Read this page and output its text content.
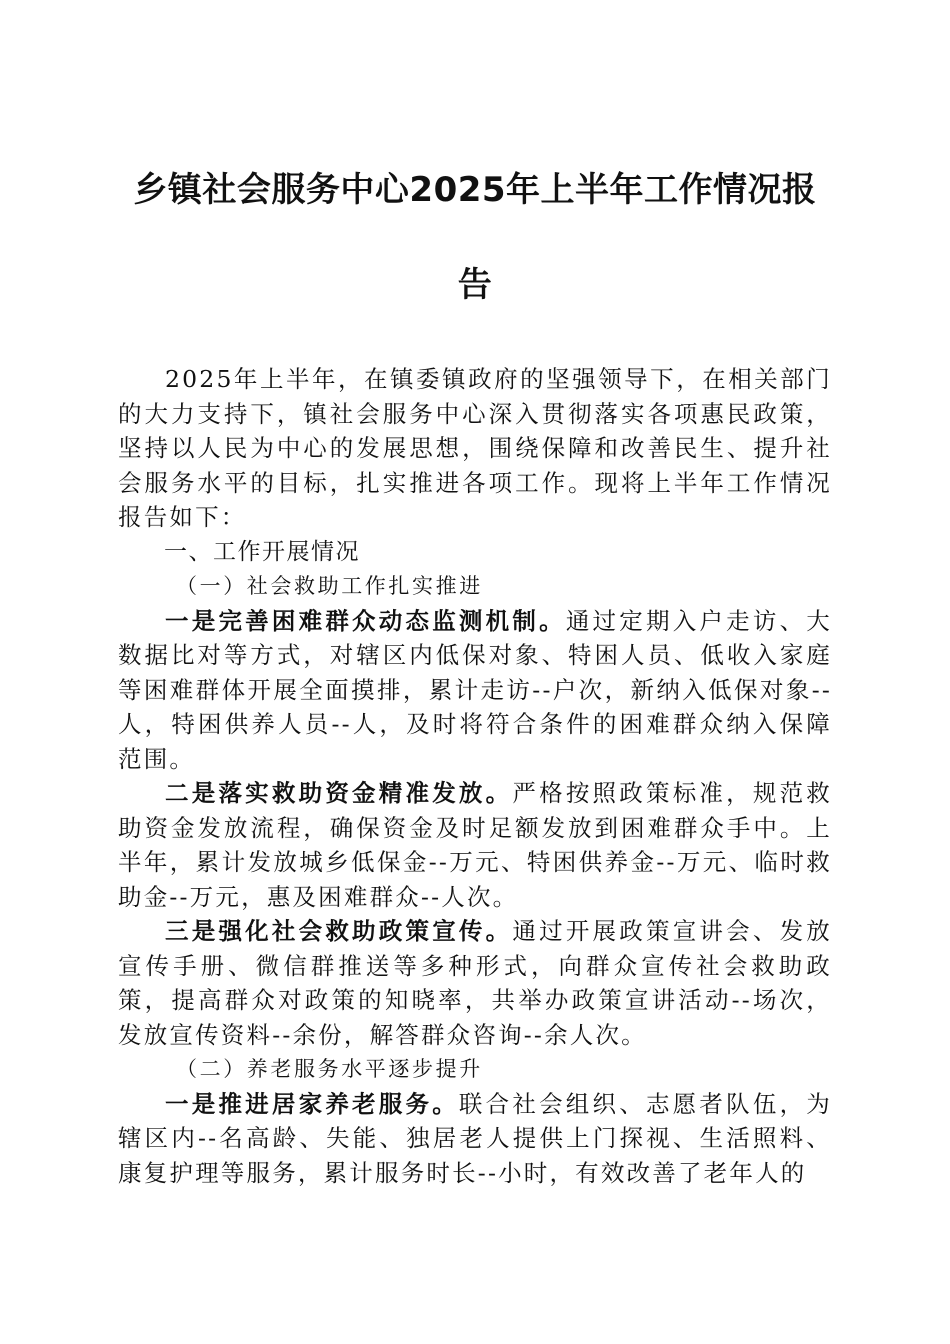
乡镇社会服务中心2025年上半年工作情况报
告

2025年上半年，在镇委镇政府的坚强领导下，在相关部门的大力支持下，镇社会服务中心深入贯彻落实各项惠民政策，坚持以人民为中心的发展思想，围绕保障和改善民生、提升社会服务水平的目标，扎实推进各项工作。现将上半年工作情况报告如下：

一、工作开展情况

（一）社会救助工作扎实推进

一是完善困难群众动态监测机制。通过定期入户走访、大数据比对等方式，对辖区内低保对象、特困人员、低收入家庭等困难群体开展全面摸排，累计走访--户次，新纳入低保对象--人，特困供养人员--人，及时将符合条件的困难群众纳入保障范围。

二是落实救助资金精准发放。严格按照政策标准，规范救助资金发放流程，确保资金及时足额发放到困难群众手中。上半年，累计发放城乡低保金--万元、特困供养金--万元、临时救助金--万元，惠及困难群众--人次。

三是强化社会救助政策宣传。通过开展政策宣讲会、发放宣传手册、微信群推送等多种形式，向群众宣传社会救助政策，提高群众对政策的知晓率，共举办政策宣讲活动--场次，发放宣传资料--余份，解答群众咨询--余人次。

（二）养老服务水平逐步提升

一是推进居家养老服务。联合社会组织、志愿者队伍，为辖区内--名高龄、失能、独居老人提供上门探视、生活照料、康复护理等服务，累计服务时长--小时，有效改善了老年人的
